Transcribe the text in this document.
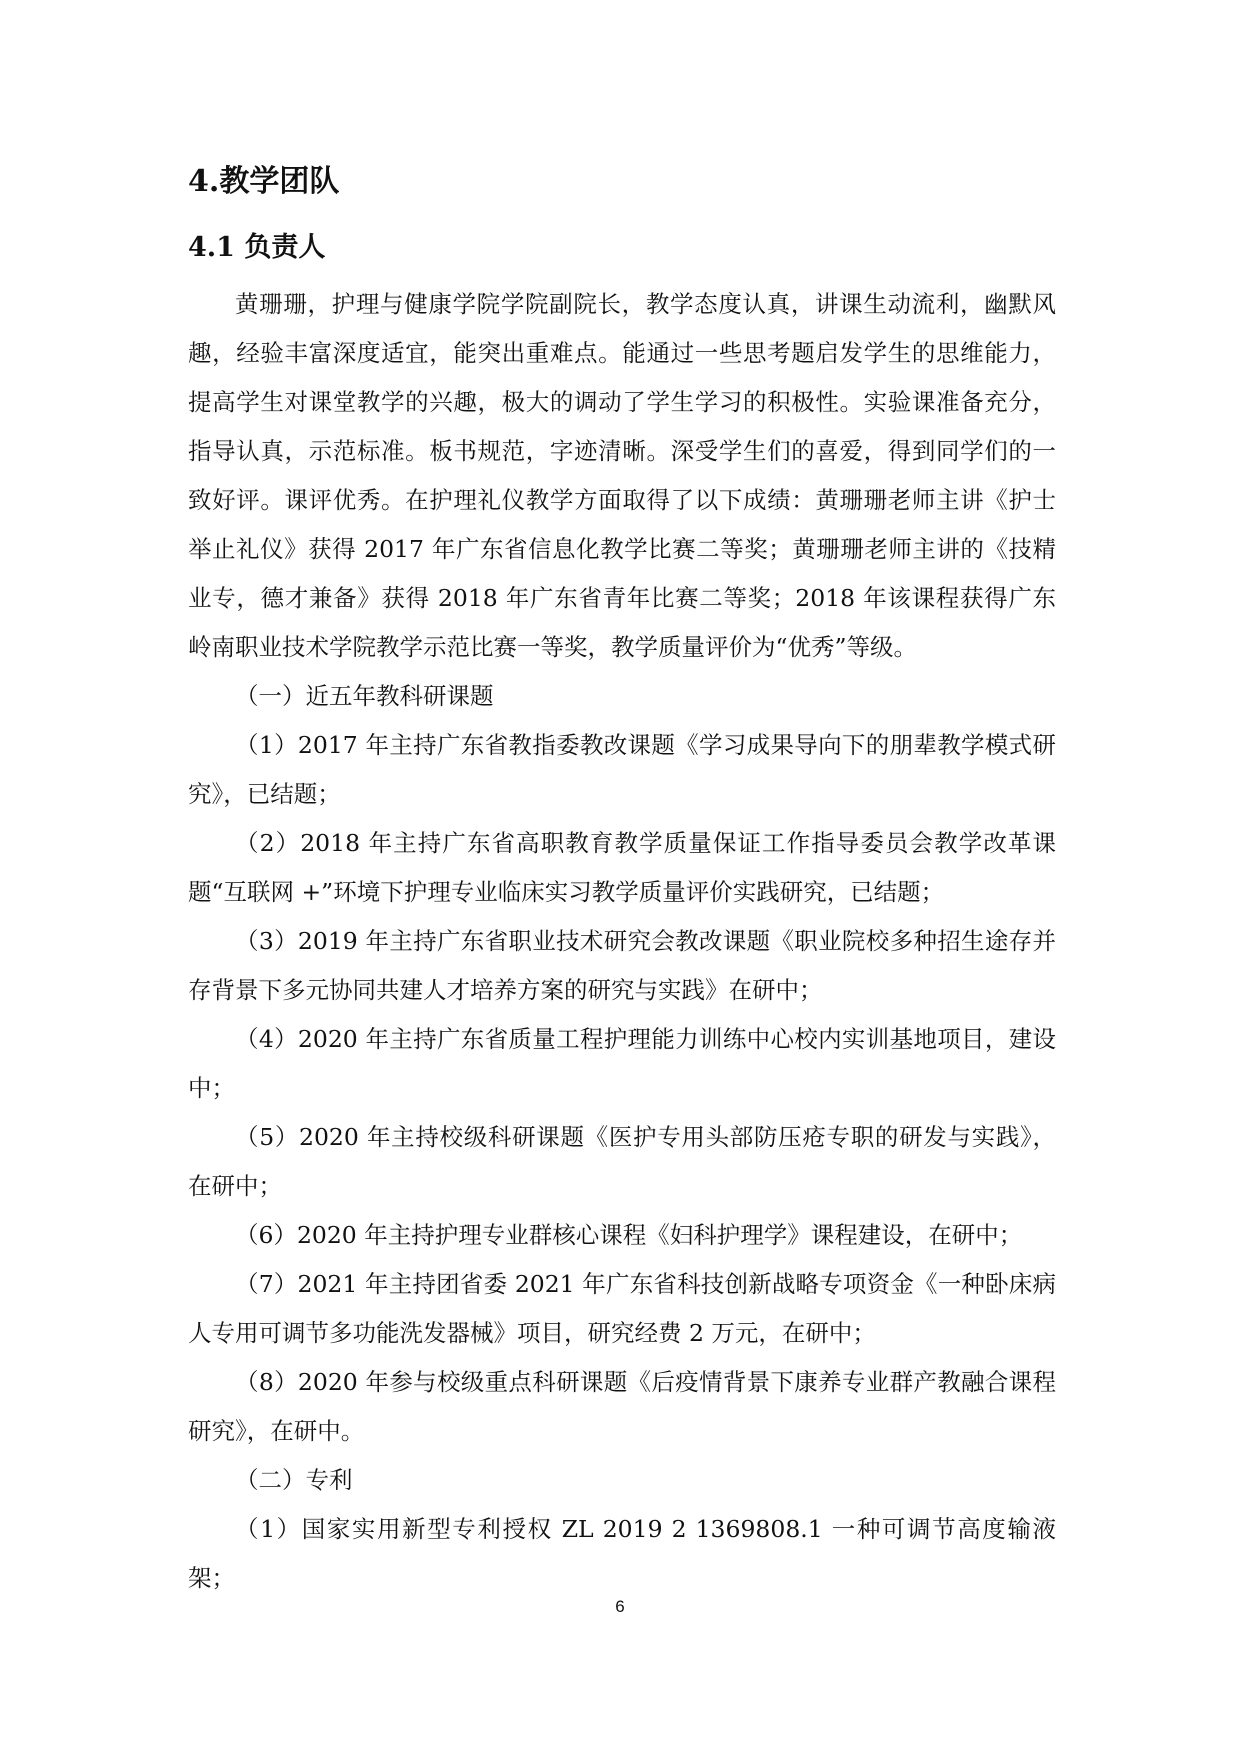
4.教学团队
4.1 负责人

黄珊珊，护理与健康学院学院副院长，教学态度认真，讲课生动流利，幽默风趣，经验丰富深度适宜，能突出重难点。能通过一些思考题启发学生的思维能力，提高学生对课堂教学的兴趣，极大的调动了学生学习的积极性。实验课准备充分，指导认真，示范标准。板书规范，字迹清晰。深受学生们的喜爱，得到同学们的一致好评。课评优秀。在护理礼仪教学方面取得了以下成绩：黄珊珊老师主讲《护士举止礼仪》获得 2017 年广东省信息化教学比赛二等奖；黄珊珊老师主讲的《技精业专，德才兼备》获得 2018 年广东省青年比赛二等奖；2018 年该课程获得广东岭南职业技术学院教学示范比赛一等奖，教学质量评价为“优秀”等级。

（一）近五年教科研课题

（1）2017 年主持广东省教指委教改课题《学习成果导向下的朋辈教学模式研究》，已结题；

（2）2018 年主持广东省高职教育教学质量保证工作指导委员会教学改革课题“互联网 +”环境下护理专业临床实习教学质量评价实践研究，已结题；

（3）2019 年主持广东省职业技术研究会教改课题《职业院校多种招生途存并存背景下多元协同共建人才培养方案的研究与实践》在研中；

（4）2020 年主持广东省质量工程护理能力训练中心校内实训基地项目，建设中；

（5）2020 年主持校级科研课题《医护专用头部防压疮专职的研发与实践》，在研中；

（6）2020 年主持护理专业群核心课程《妇科护理学》课程建设，在研中；

（7）2021 年主持团省委 2021 年广东省科技创新战略专项资金《一种卧床病人专用可调节多功能洗发器械》项目，研究经费 2 万元，在研中；

（8）2020 年参与校级重点科研课题《后疫情背景下康养专业群产教融合课程研究》，在研中。

（二）专利

（1）国家实用新型专利授权 ZL 2019 2 1369808.1 一种可调节高度输液架；

6
